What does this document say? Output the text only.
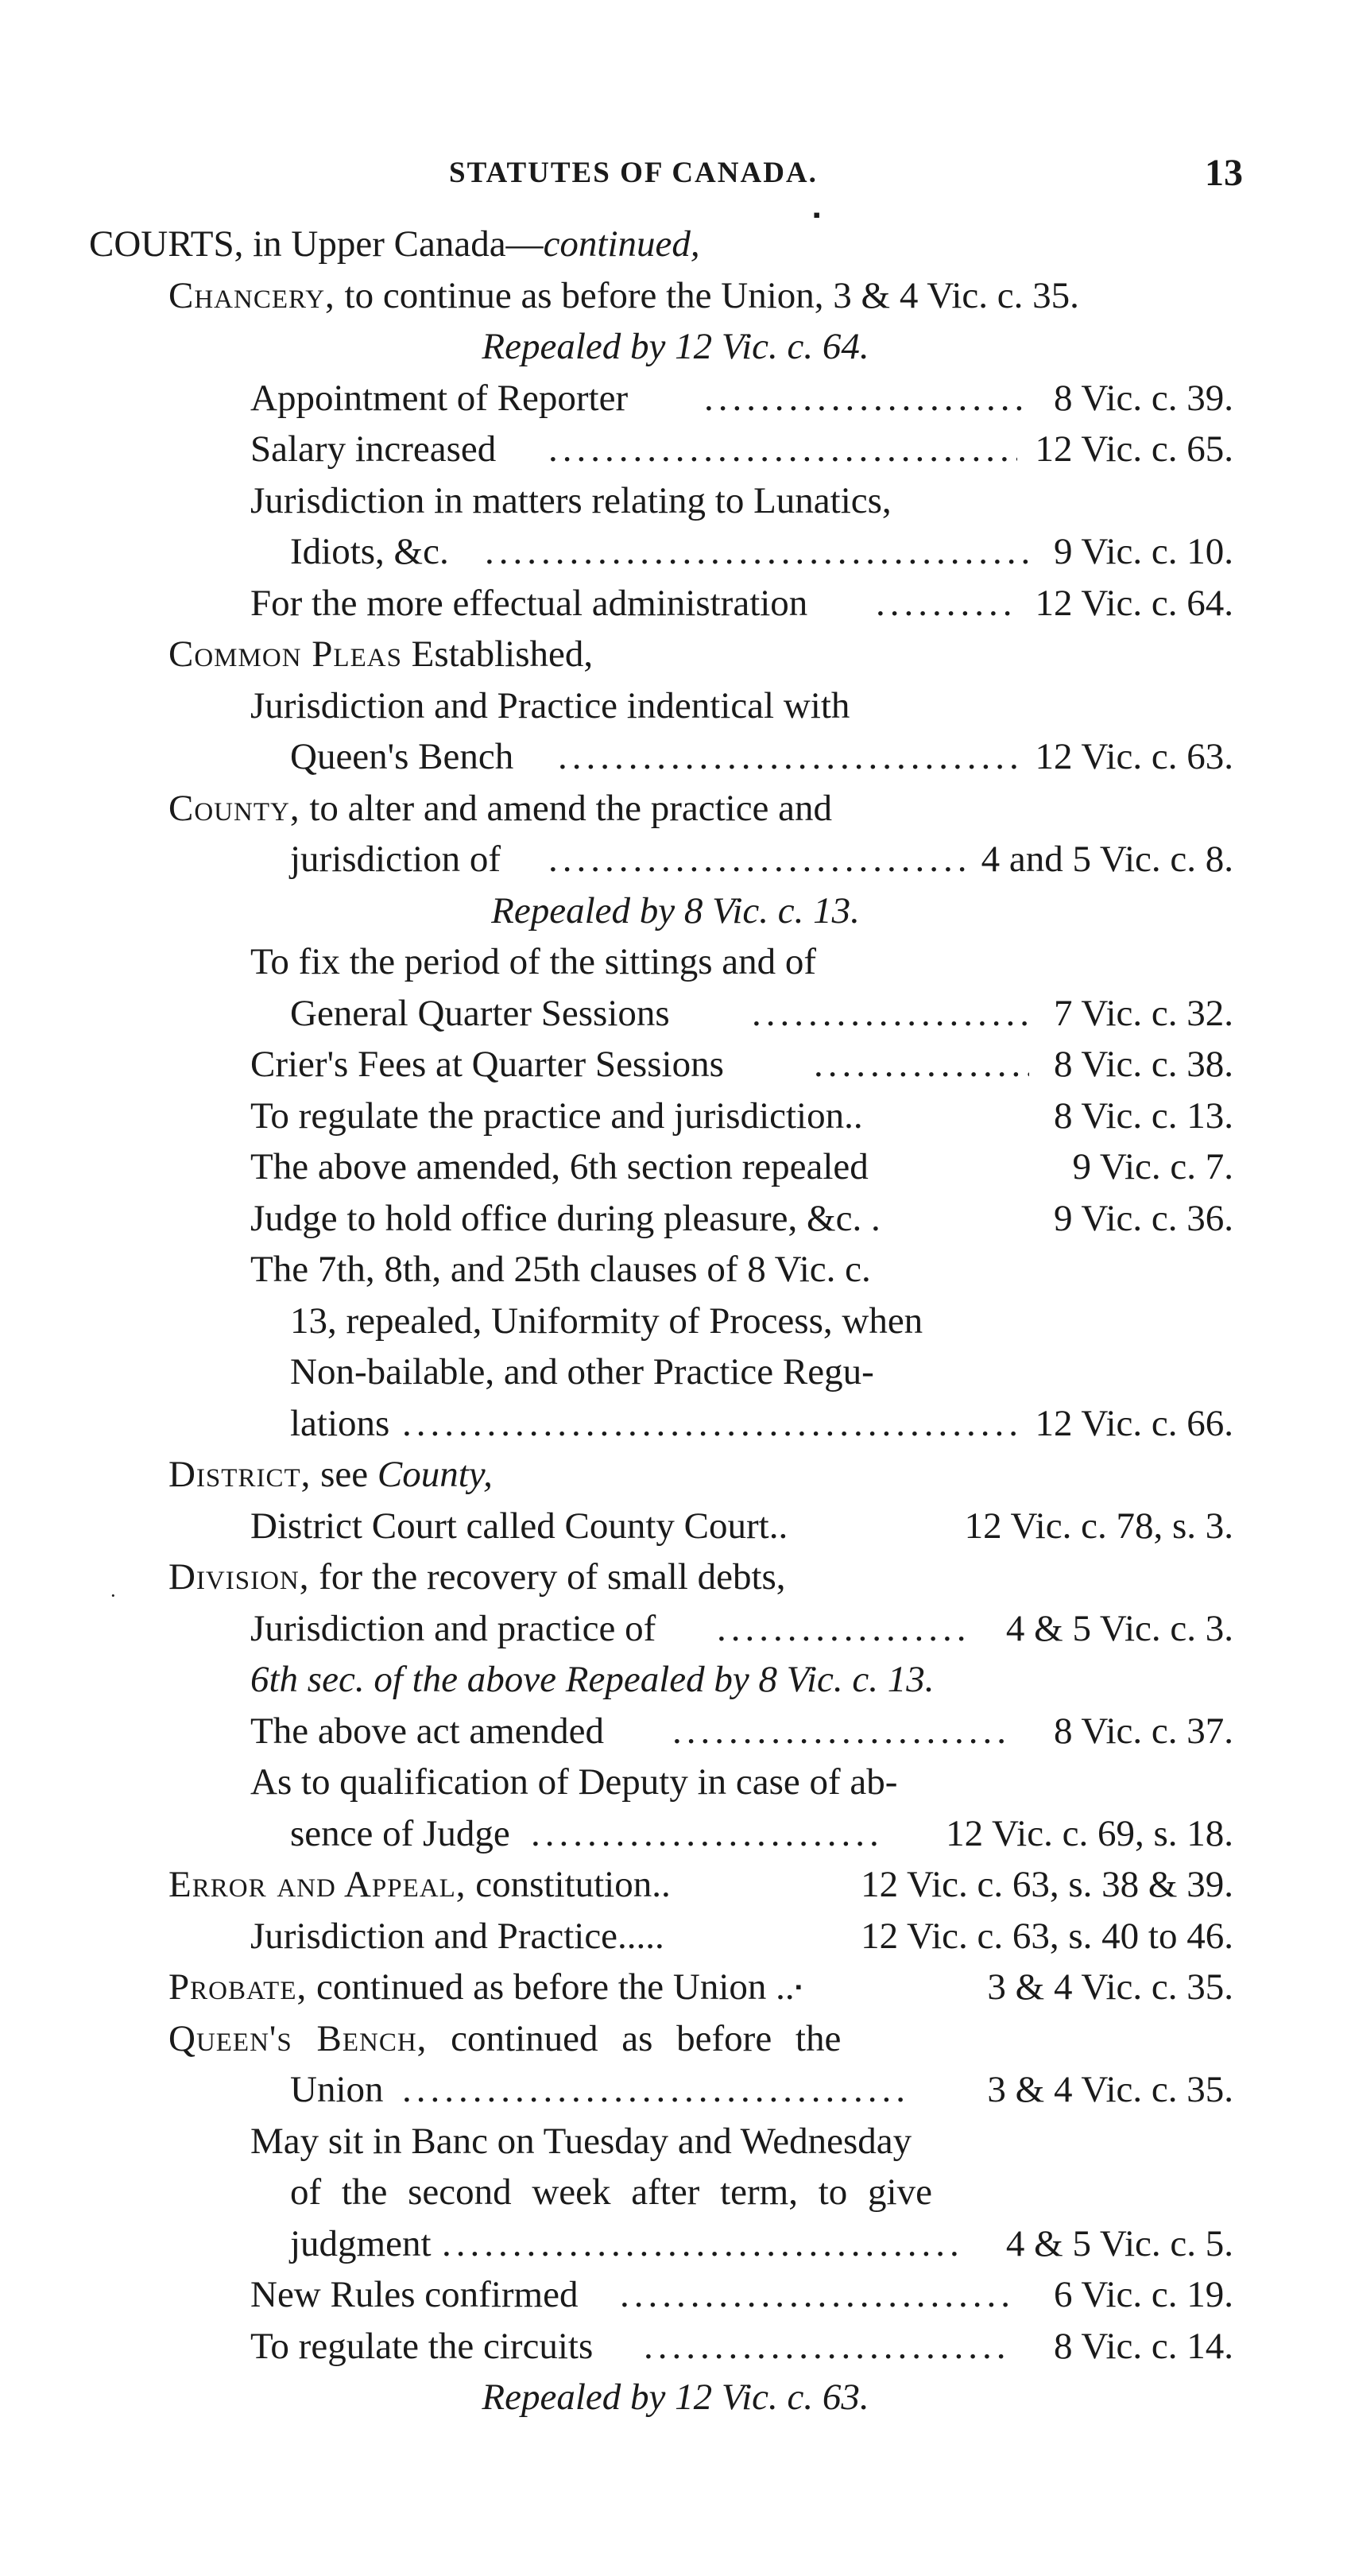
STATUTES OF CANADA.	13
▪
▪
·
COURTS, in Upper Canada—continued,
Chancery, to continue as before the Union, 3 & 4 Vic. c. 35.
Repealed by 12 Vic. c. 64.
Appointment of Reporter .....	8 Vic. c. 39.
Salary increased .....	12 Vic. c. 65.
Jurisdiction in matters relating to Lunatics,
Idiots, &c. .....	9 Vic. c. 10.
For the more effectual administration .....	12 Vic. c. 64.
Common Pleas Established,
Jurisdiction and Practice indentical with
Queen's Bench .....	12 Vic. c. 63.
County, to alter and amend the practice and
jurisdiction of .....	4 and 5 Vic. c. 8.
Repealed by 8 Vic. c. 13.
To fix the period of the sittings and of
General Quarter Sessions .....	7 Vic. c. 32.
Crier's Fees at Quarter Sessions .....	8 Vic. c. 38.
To regulate the practice and jurisdiction..	8 Vic. c. 13.
The above amended, 6th section repealed	9 Vic. c. 7.
Judge to hold office during pleasure, &c. .	9 Vic. c. 36.
The 7th, 8th, and 25th clauses of 8 Vic. c.
13, repealed, Uniformity of Process, when
Non-bailable, and other Practice Regu-
lations .....	12 Vic. c. 66.
District, see County,
District Court called County Court..	12 Vic. c. 78, s. 3.
Division, for the recovery of small debts,
Jurisdiction and practice of .....	4 & 5 Vic. c. 3.
6th sec. of the above Repealed by 8 Vic. c. 13.
The above act amended .....	8 Vic. c. 37.
As to qualification of Deputy in case of ab-
sence of Judge .....	12 Vic. c. 69, s. 18.
Error and Appeal, constitution..	12 Vic. c. 63, s. 38 & 39.
Jurisdiction and Practice.....	12 Vic. c. 63, s. 40 to 46.
Probate, continued as before the Union ..	3 & 4 Vic. c. 35.
Queen's Bench, continued as before the
Union .....	3 & 4 Vic. c. 35.
May sit in Banc on Tuesday and Wednesday
of the second week after term, to give
judgment .....	4 & 5 Vic. c. 5.
New Rules confirmed .....	6 Vic. c. 19.
To regulate the circuits .....	8 Vic. c. 14.
Repealed by 12 Vic. c. 63.
